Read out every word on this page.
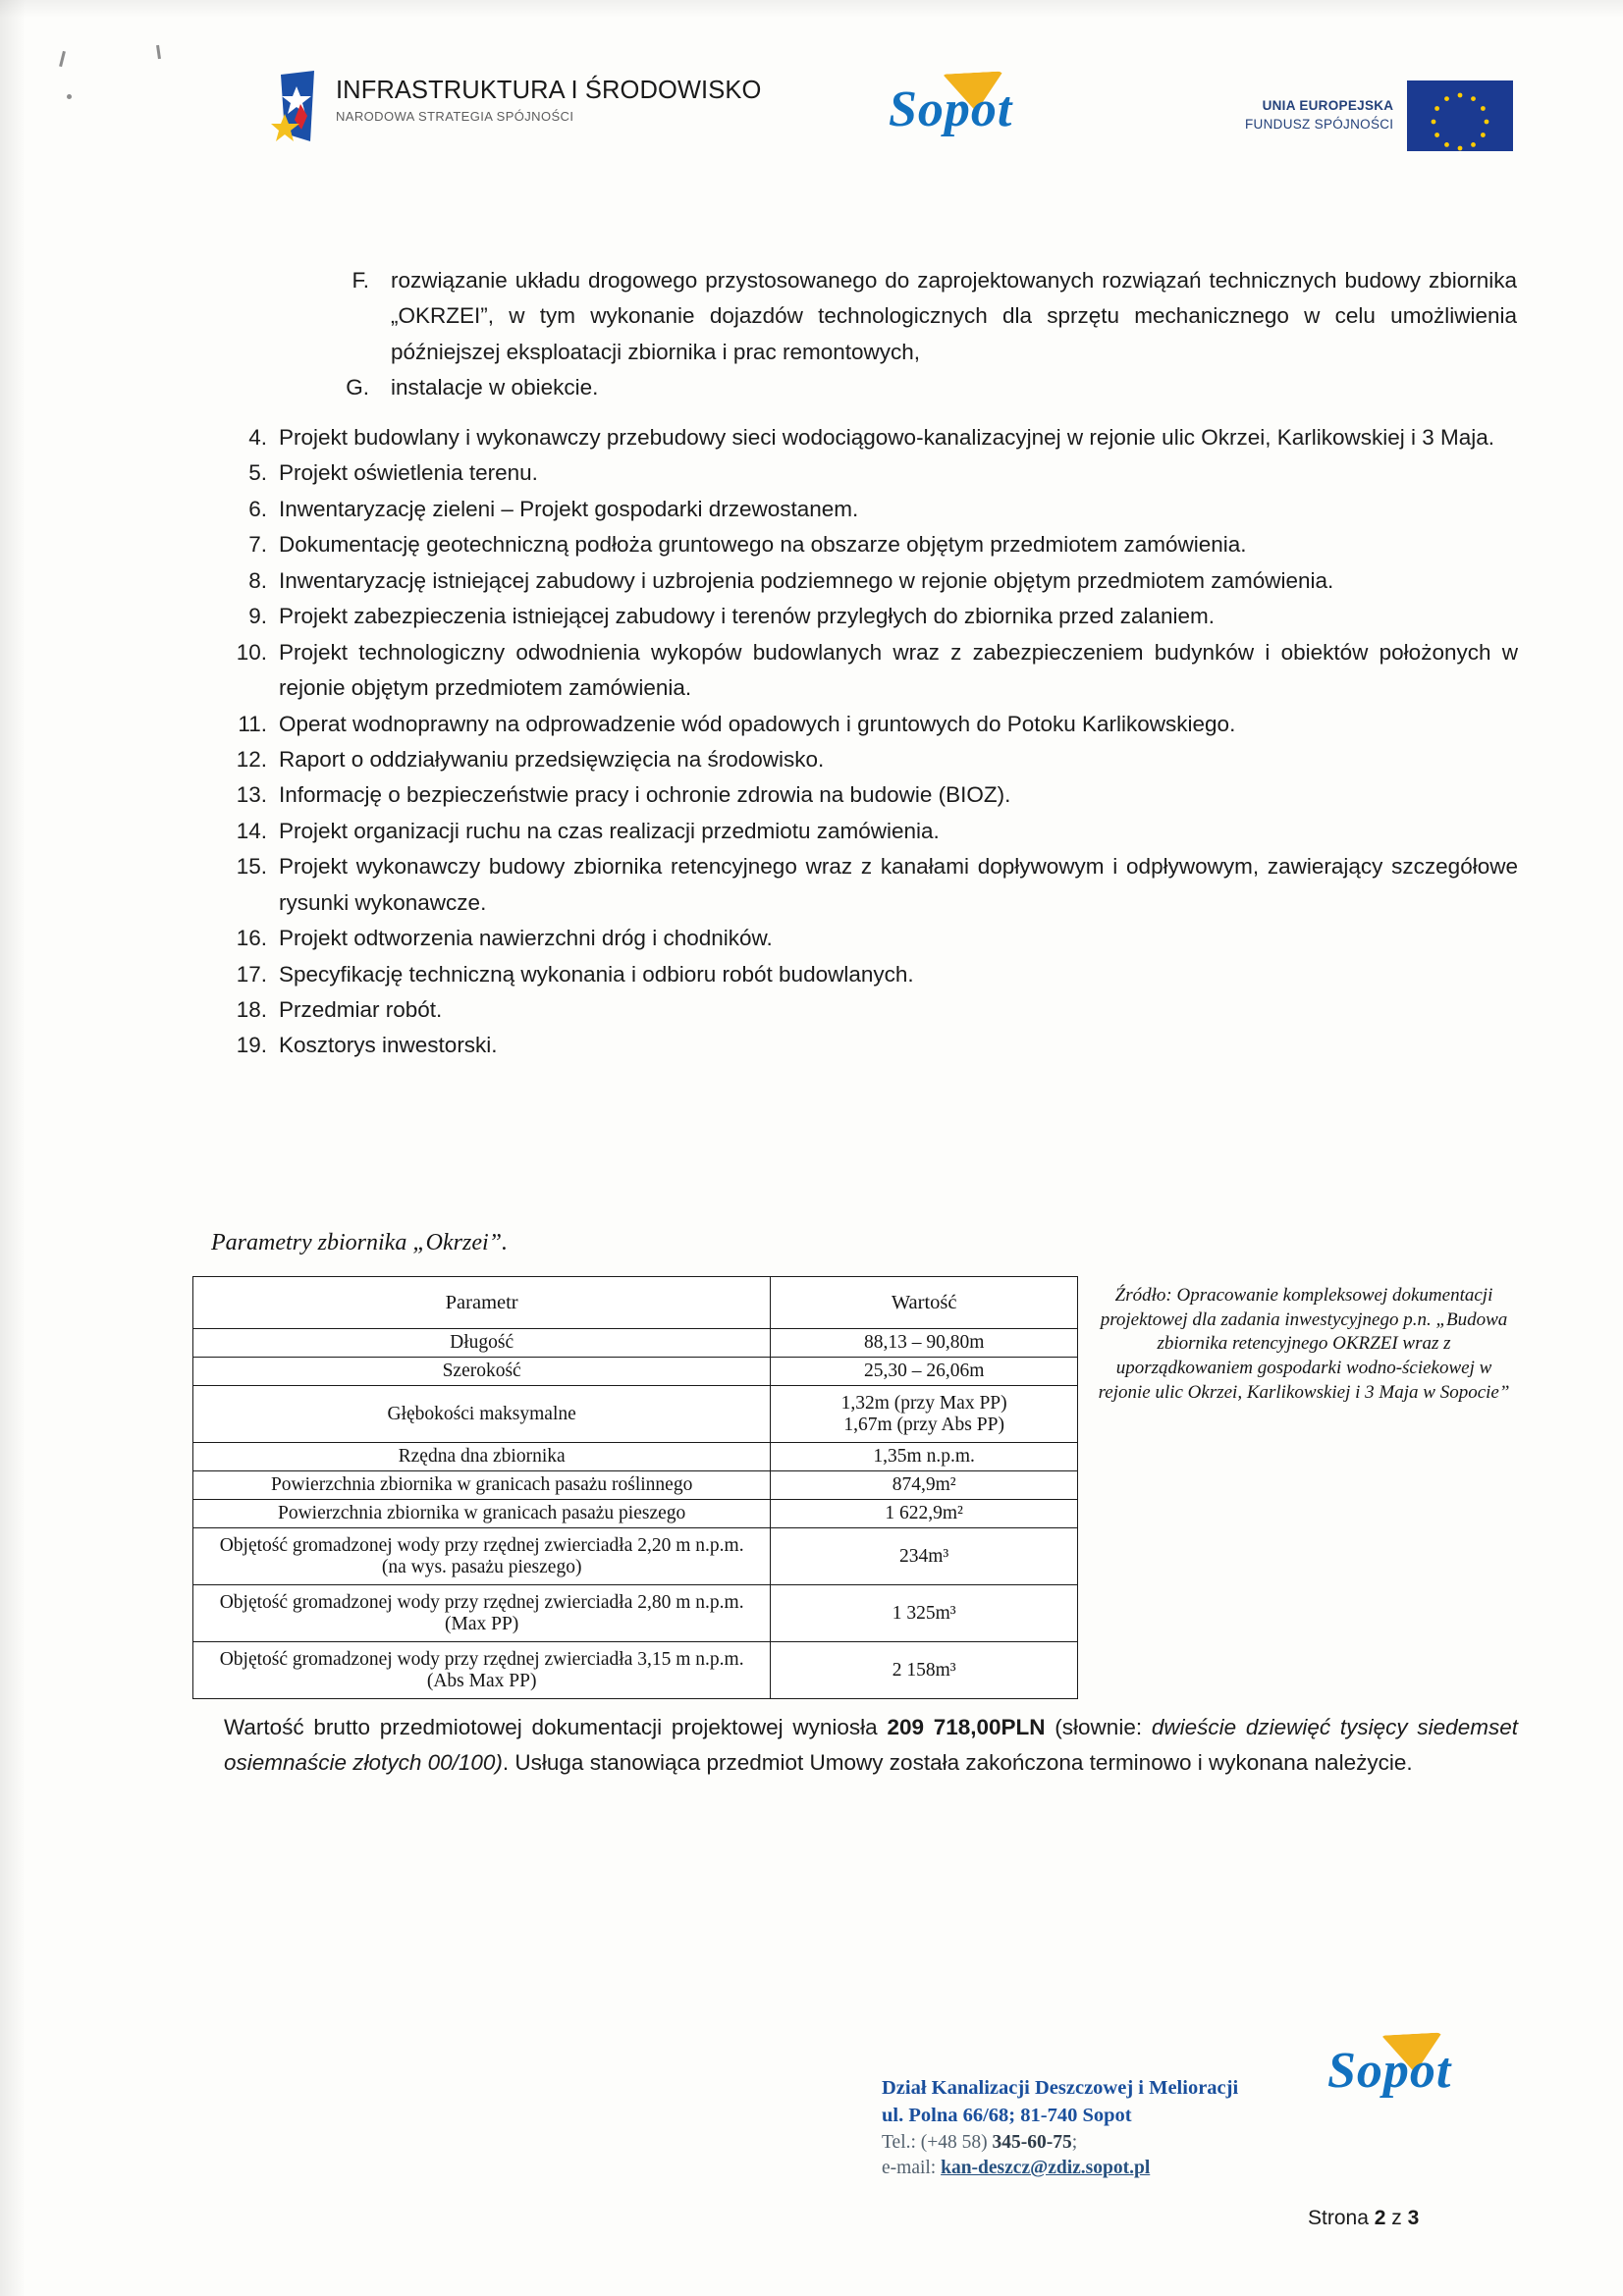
INFRASTRUKTURA I ŚRODOWISKO
NARODOWA STRATEGIA SPÓJNOŚCI	Sopot	UNIA EUROPEJSKA
FUNDUSZ SPÓJNOŚCI
F. rozwiązanie układu drogowego przystosowanego do zaprojektowanych rozwiązań technicznych budowy zbiornika „OKRZEI”, w tym wykonanie dojazdów technologicznych dla sprzętu mechanicznego w celu umożliwienia późniejszej eksploatacji zbiornika i prac remontowych,
G. instalacje w obiekcie.
4. Projekt budowlany i wykonawczy przebudowy sieci wodociągowo-kanalizacyjnej w rejonie ulic Okrzei, Karlikowskiej i 3 Maja.
5. Projekt oświetlenia terenu.
6. Inwentaryzację zieleni – Projekt gospodarki drzewostanem.
7. Dokumentację geotechniczną podłoża gruntowego na obszarze objętym przedmiotem zamówienia.
8. Inwentaryzację istniejącej zabudowy i uzbrojenia podziemnego w rejonie objętym przedmiotem zamówienia.
9. Projekt zabezpieczenia istniejącej zabudowy i terenów przyległych do zbiornika przed zalaniem.
10. Projekt technologiczny odwodnienia wykopów budowlanych wraz z zabezpieczeniem budynków i obiektów położonych w rejonie objętym przedmiotem zamówienia.
11. Operat wodnoprawny na odprowadzenie wód opadowych i gruntowych do Potoku Karlikowskiego.
12. Raport o oddziaływaniu przedsięwzięcia na środowisko.
13. Informację o bezpieczeństwie pracy i ochronie zdrowia na budowie (BIOZ).
14. Projekt organizacji ruchu na czas realizacji przedmiotu zamówienia.
15. Projekt wykonawczy budowy zbiornika retencyjnego wraz z kanałami dopływowym i odpływowym, zawierający szczegółowe rysunki wykonawcze.
16. Projekt odtworzenia nawierzchni dróg i chodników.
17. Specyfikację techniczną wykonania i odbioru robót budowlanych.
18. Przedmiar robót.
19. Kosztorys inwestorski.
Parametry zbiornika „Okrzei”.
Parametr	Wartość
Długość	88,13 – 90,80m
Szerokość	25,30 – 26,06m
Głębokości maksymalne	1,32m (przy Max PP)
1,67m (przy Abs PP)

Rzędna dna zbiornika	1,35m n.p.m.
Powierzchnia zbiornika w granicach pasażu roślinnego	874,9m²
Powierzchnia zbiornika w granicach pasażu pieszego	1 622,9m²

Objętość gromadzonej wody przy rzędnej zwierciadła 2,20 m n.p.m.
(na wys. pasażu pieszego)	234m³

Objętość gromadzonej wody przy rzędnej zwierciadła 2,80 m n.p.m.
(Max PP)	1 325m³

Objętość gromadzonej wody przy rzędnej zwierciadła 3,15 m n.p.m.
(Abs Max PP)	2 158m³
Źródło: Opracowanie kompleksowej dokumentacji projektowej dla zadania inwestycyjnego p.n. „Budowa zbiornika retencyjnego OKRZEI wraz z uporządkowaniem gospodarki wodno-ściekowej w rejonie ulic Okrzei, Karlikowskiej i 3 Maja w Sopocie”
Wartość brutto przedmiotowej dokumentacji projektowej wyniosła 209 718,00PLN (słownie: dwieście dziewięć tysięcy siedemset osiemnaście złotych 00/100). Usługa stanowiąca przedmiot Umowy została zakończona terminowo i wykonana należycie.
Dział Kanalizacji Deszczowej i Melioracji
ul. Polna 66/68; 81-740 Sopot
Tel.: (+48 58) 345-60-75;
e-mail: kan-deszcz@zdiz.sopot.pl
Sopot
Strona 2 z 3
